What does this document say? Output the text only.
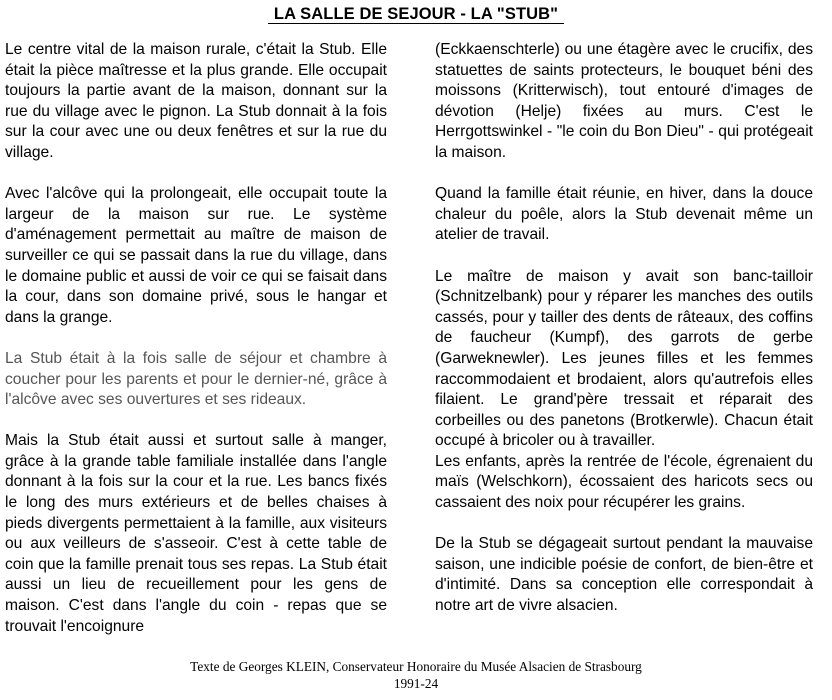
LA SALLE DE SEJOUR - LA "STUB"

Le centre vital de la maison rurale, c'était la Stub. Elle était la pièce maîtresse et la plus grande. Elle occupait toujours la partie avant de la maison, donnant sur la rue du village avec le pignon. La Stub donnait à la fois sur la cour avec une ou deux fenêtres et sur la rue du village.

Avec l'alcôve qui la prolongeait, elle occupait toute la largeur de la maison sur rue. Le système d'aménagement permettait au maître de maison de surveiller ce qui se passait dans la rue du village, dans le domaine public et aussi de voir ce qui se faisait dans la cour, dans son domaine privé, sous le hangar et dans la grange.

La Stub était à la fois salle de séjour et chambre à coucher pour les parents et pour le dernier-né, grâce à l'alcôve avec ses ouvertures et ses rideaux.

Mais la Stub était aussi et surtout salle à manger, grâce à la grande table familiale installée dans l'angle donnant à la fois sur la cour et la rue. Les bancs fixés le long des murs extérieurs et de belles chaises à pieds divergents permettaient à la famille, aux visiteurs ou aux veilleurs de s'asseoir. C'est à cette table de coin que la famille prenait tous ses repas. La Stub était aussi un lieu de recueillement pour les gens de maison. C'est dans l'angle du coin - repas que se trouvait l'encoignure

(Eckkaenschterle) ou une étagère avec le crucifix, des statuettes de saints protecteurs, le bouquet béni des moissons (Kritterwisch), tout entouré d'images de dévotion (Helje) fixées au murs. C'est le Herrgottswinkel - "le coin du Bon Dieu" - qui protégeait la maison.

Quand la famille était réunie, en hiver, dans la douce chaleur du poêle, alors la Stub devenait même un atelier de travail.

Le maître de maison y avait son banc-tailloir (Schnitzelbank) pour y réparer les manches des outils cassés, pour y tailler des dents de râteaux, des coffins de faucheur (Kumpf), des garrots de gerbe (Garweknewler). Les jeunes filles et les femmes raccommodaient et brodaient, alors qu'autrefois elles filaient. Le grand'père tressait et réparait des corbeilles ou des panetons (Brotkerwle). Chacun était occupé à bricoler ou à travailler.

Les enfants, après la rentrée de l'école, égrenaient du maïs (Welschkorn), écossaient des haricots secs ou cassaient des noix pour récupérer les grains.

De la Stub se dégageait surtout pendant la mauvaise saison, une indicible poésie de confort, de bien-être et d'intimité. Dans sa conception elle correspondait à notre art de vivre alsacien.

Texte de Georges KLEIN, Conservateur Honoraire du Musée Alsacien de Strasbourg
1991-24
